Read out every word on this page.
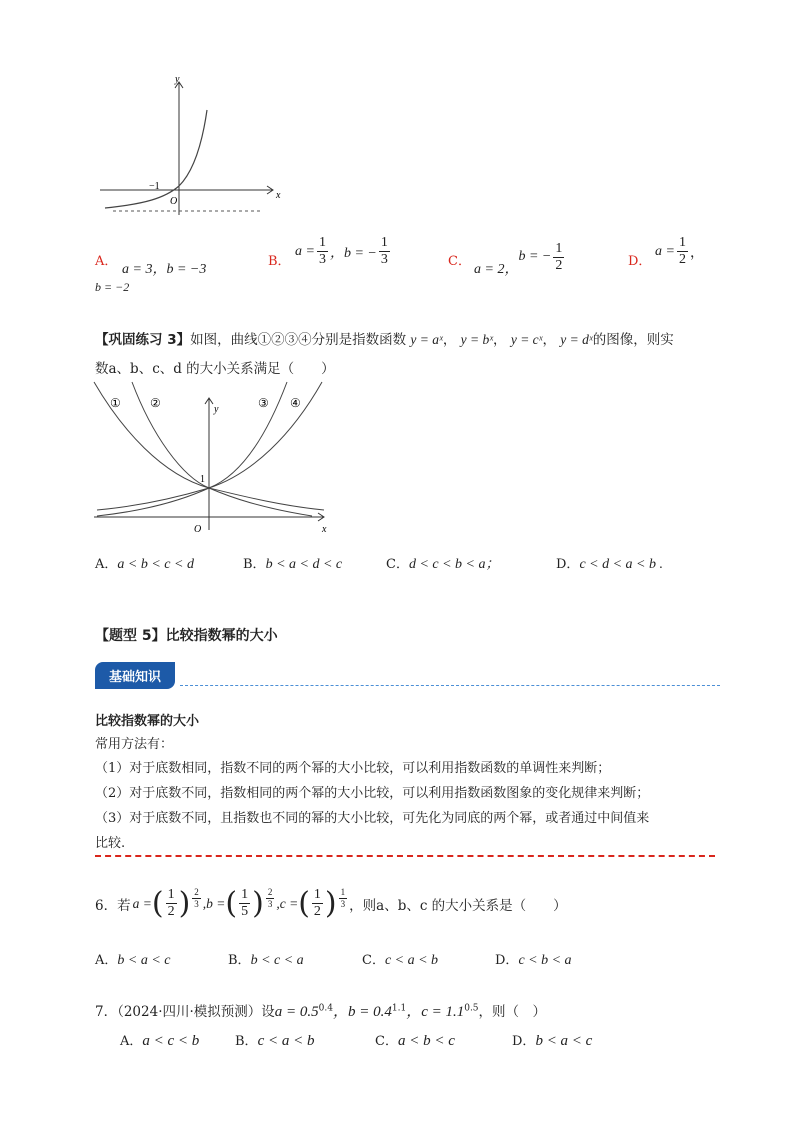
y
x
O
−1
A．
a = 3，b = −3
B．
$a = \frac{1}{3}$ ，b = − $\frac{1}{3}$	C．
a = 2，
b = − $\frac{1}{2}$	D．
$a = \frac{1}{2}$ ，
b = −2
【巩固练习 3】如图，曲线①②③④分别是指数函数 y = aˣ， y = bˣ， y = cˣ， y = dˣ的图像，则实
数a、b、c、d 的大小关系满足（　　）
① ②	③ ④
y
x
O
1
A．a < b < c < d	B．b < a < d < c	C．d < c < b < a；	D．c < d < a < b .
【题型 5】比较指数幂的大小
基础知识
比较指数幂的大小
常用方法有：
（1）对于底数相同，指数不同的两个幂的大小比较，可以利用指数函数的单调性来判断；
（2）对于底数不同，指数相同的两个幂的大小比较，可以利用指数函数图象的变化规律来判断；
（3）对于底数不同，且指数也不同的幂的大小比较，可先化为同底的两个幂，或者通过中间值来
比较.
6．若 a = ( $\frac{1}{2}$ ) $\frac{2}{3} ,b$ = ( $\frac{1}{5}$ ) $\frac{2}{3} ,c$ = ( $\frac{1}{2}$ ) $\frac{1}{3}$ ，则a、b、c 的大小关系是（　　）
A．b < a < c	B．b < c < a	C．c < a < b	D．c < b < a
7．（2024·四川·模拟预测）设$a = 0.5^{0.4}$，$b = 0.4^{1.1}$，$c = 1.1^{0.5}$，则（　）
A．a < c < b	B．c < a < b	C．a < b < c	D．b < a < c
